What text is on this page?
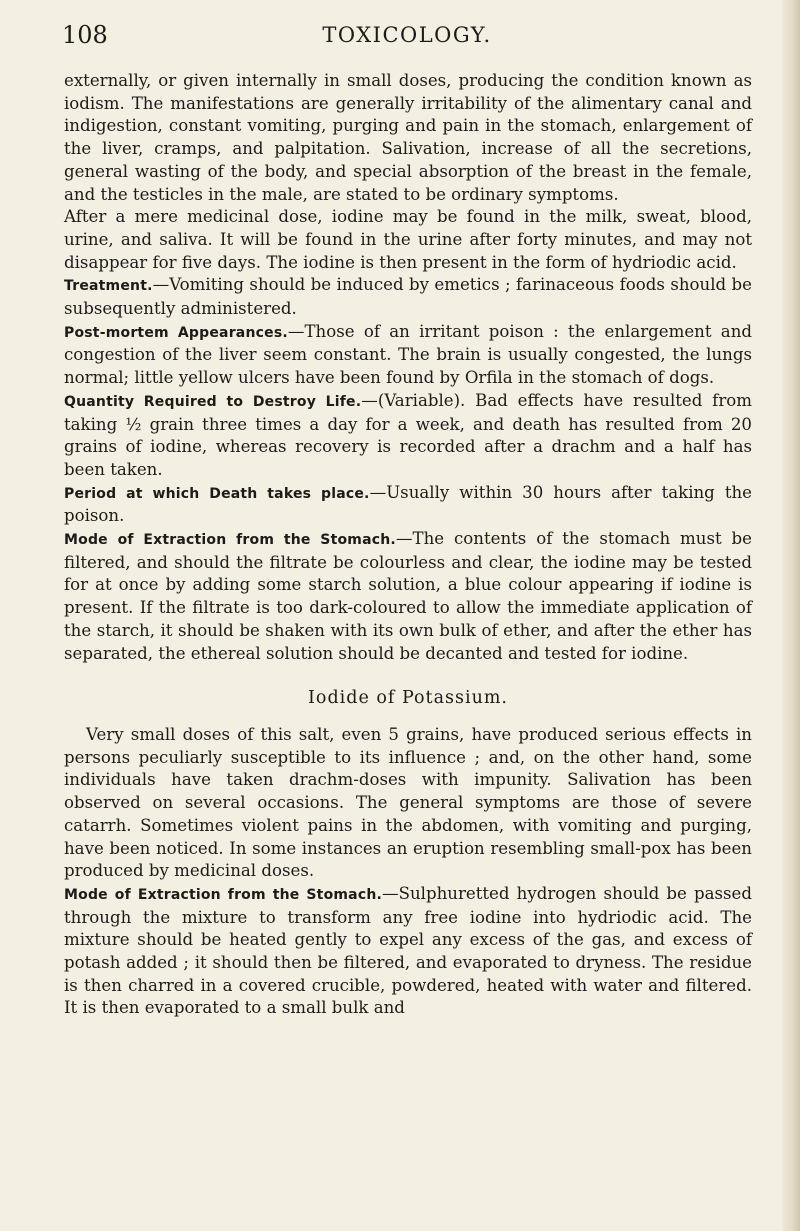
108	TOXICOLOGY.

externally, or given internally in small doses, producing the condition known as iodism. The manifestations are generally irritability of the alimentary canal and indigestion, constant vomiting, purging and pain in the stomach, enlargement of the liver, cramps, and palpitation. Salivation, increase of all the secretions, general wasting of the body, and special absorption of the breast in the female, and the testicles in the male, are stated to be ordinary symptoms.

After a mere medicinal dose, iodine may be found in the milk, sweat, blood, urine, and saliva. It will be found in the urine after forty minutes, and may not disappear for five days. The iodine is then present in the form of hydriodic acid.

Treatment.—Vomiting should be induced by emetics ; farinaceous foods should be subsequently administered.

Post-mortem Appearances.—Those of an irritant poison : the enlargement and congestion of the liver seem constant. The brain is usually congested, the lungs normal; little yellow ulcers have been found by Orfila in the stomach of dogs.

Quantity Required to Destroy Life.—(Variable). Bad effects have resulted from taking ½ grain three times a day for a week, and death has resulted from 20 grains of iodine, whereas recovery is recorded after a drachm and a half has been taken.

Period at which Death takes place.—Usually within 30 hours after taking the poison.

Mode of Extraction from the Stomach.—The contents of the stomach must be filtered, and should the filtrate be colourless and clear, the iodine may be tested for at once by adding some starch solution, a blue colour appearing if iodine is present. If the filtrate is too dark-coloured to allow the immediate application of the starch, it should be shaken with its own bulk of ether, and after the ether has separated, the ethereal solution should be decanted and tested for iodine.

Iodide of Potassium.

Very small doses of this salt, even 5 grains, have produced serious effects in persons peculiarly susceptible to its influence ; and, on the other hand, some individuals have taken drachm-doses with impunity. Salivation has been observed on several occasions. The general symptoms are those of severe catarrh. Sometimes violent pains in the abdomen, with vomiting and purging, have been noticed. In some instances an eruption resembling small-pox has been produced by medicinal doses.

Mode of Extraction from the Stomach.—Sulphuretted hydrogen should be passed through the mixture to transform any free iodine into hydriodic acid. The mixture should be heated gently to expel any excess of the gas, and excess of potash added ; it should then be filtered, and evaporated to dryness. The residue is then charred in a covered crucible, powdered, heated with water and filtered. It is then evaporated to a small bulk and
